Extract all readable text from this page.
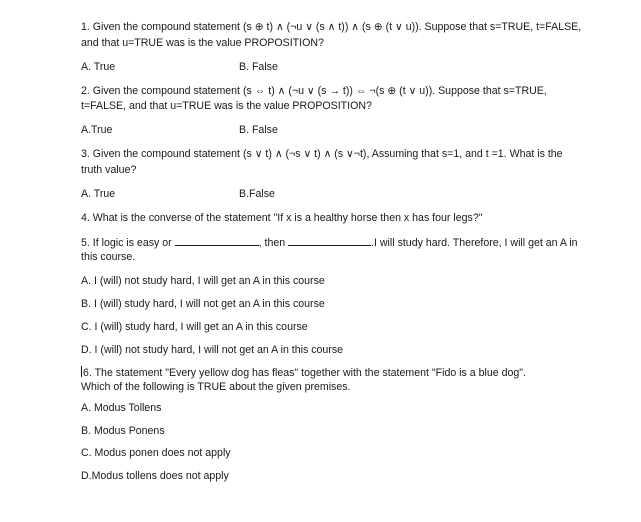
1. Given the compound statement (s ⊕ t) ∧ (¬u ∨ (s ∧ t)) ∧ (s ⊕ (t ∨ u)). Suppose that s=TRUE, t=FALSE,
and that u=TRUE was is the value PROPOSITION?
A. True	B. False
2. Given the compound statement (s ⇔ t) ∧ (¬u ∨ (s → t)) ⇔ ¬(s ⊕ (t ∨ u)). Suppose that s=TRUE,
t=FALSE, and that u=TRUE was is the value PROPOSITION?
A.True	B. False
3. Given the compound statement (s ∨ t) ∧ (¬s ∨ t) ∧ (s ∨¬t), Assuming that s=1, and t =1. What is the
truth value?
A. True	B.False
4. What is the converse of the statement "If x is a healthy horse then x has four legs?"
5. If logic is easy or	, then	.I will study hard. Therefore, I will get an A in
this course.
A. I (will) not study hard, I will get an A in this course
B. I (will) study hard, I will not get an A in this course
C. I (will) study hard, I will get an A in this course
D. I (will) not study hard, I will not get an A in this course
6. The statement "Every yellow dog has fleas" together with the statement "Fido is a blue dog".
Which of the following is TRUE about the given premises.
A. Modus Tollens
B. Modus Ponens
C. Modus ponen does not apply
D.Modus tollens does not apply
